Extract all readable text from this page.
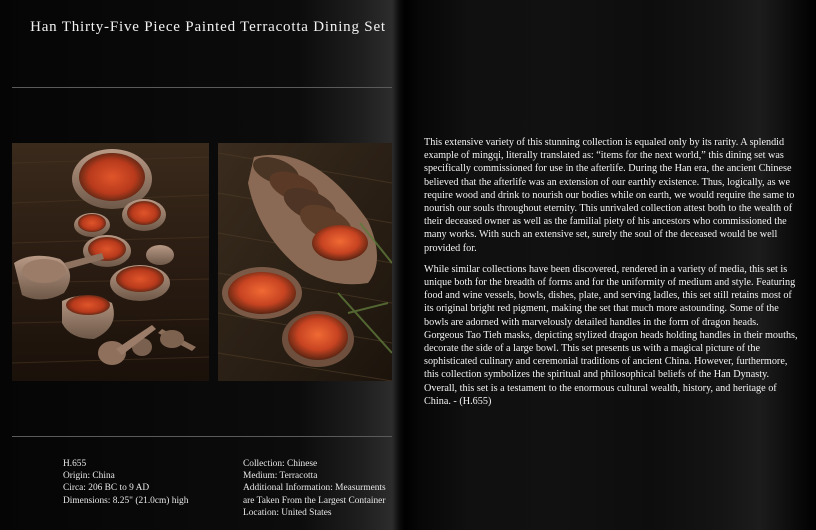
Han Thirty-Five Piece Painted Terracotta Dining Set

This extensive variety of this stunning collection is equaled only by its rarity. A splendid example of mingqi, literally translated as: “items for the next world,” this dining set was specifically commissioned for use in the afterlife. During the Han era, the ancient Chinese believed that the afterlife was an extension of our earthly existence. Thus, logically, as we require wood and drink to nourish our bodies while on earth, we would require the same to nourish our souls throughout eternity. This unrivaled collection attest both to the wealth of their deceased owner as well as the familial piety of his ancestors who commissioned the many works. With such an extensive set, surely the soul of the deceased would be well provided for.

While similar collections have been discovered, rendered in a variety of media, this set is unique both for the breadth of forms and for the uniformity of medium and style. Featuring food and wine vessels, bowls, dishes, plate, and serving ladles, this set still retains most of its original bright red pigment, making the set that much more astounding. Some of the bowls are adorned with marvelously detailed handles in the form of dragon heads. Gorgeous Tao Tieh masks, depicting stylized dragon heads holding handles in their mouths, decorate the side of a large bowl. This set presents us with a magical picture of the sophisticated culinary and ceremonial traditions of ancient China. However, furthermore, this collection symbolizes the spiritual and philosophical beliefs of the Han Dynasty. Overall, this set is a testament to the enormous cultural wealth, history, and heritage of China. - (H.655)

H.655
Origin: China
Circa: 206 BC to 9 AD
Dimensions: 8.25" (21.0cm) high
Collection: Chinese
Medium: Terracotta
Additional Information: Measurments
are Taken From the Largest Container
Location: United States
